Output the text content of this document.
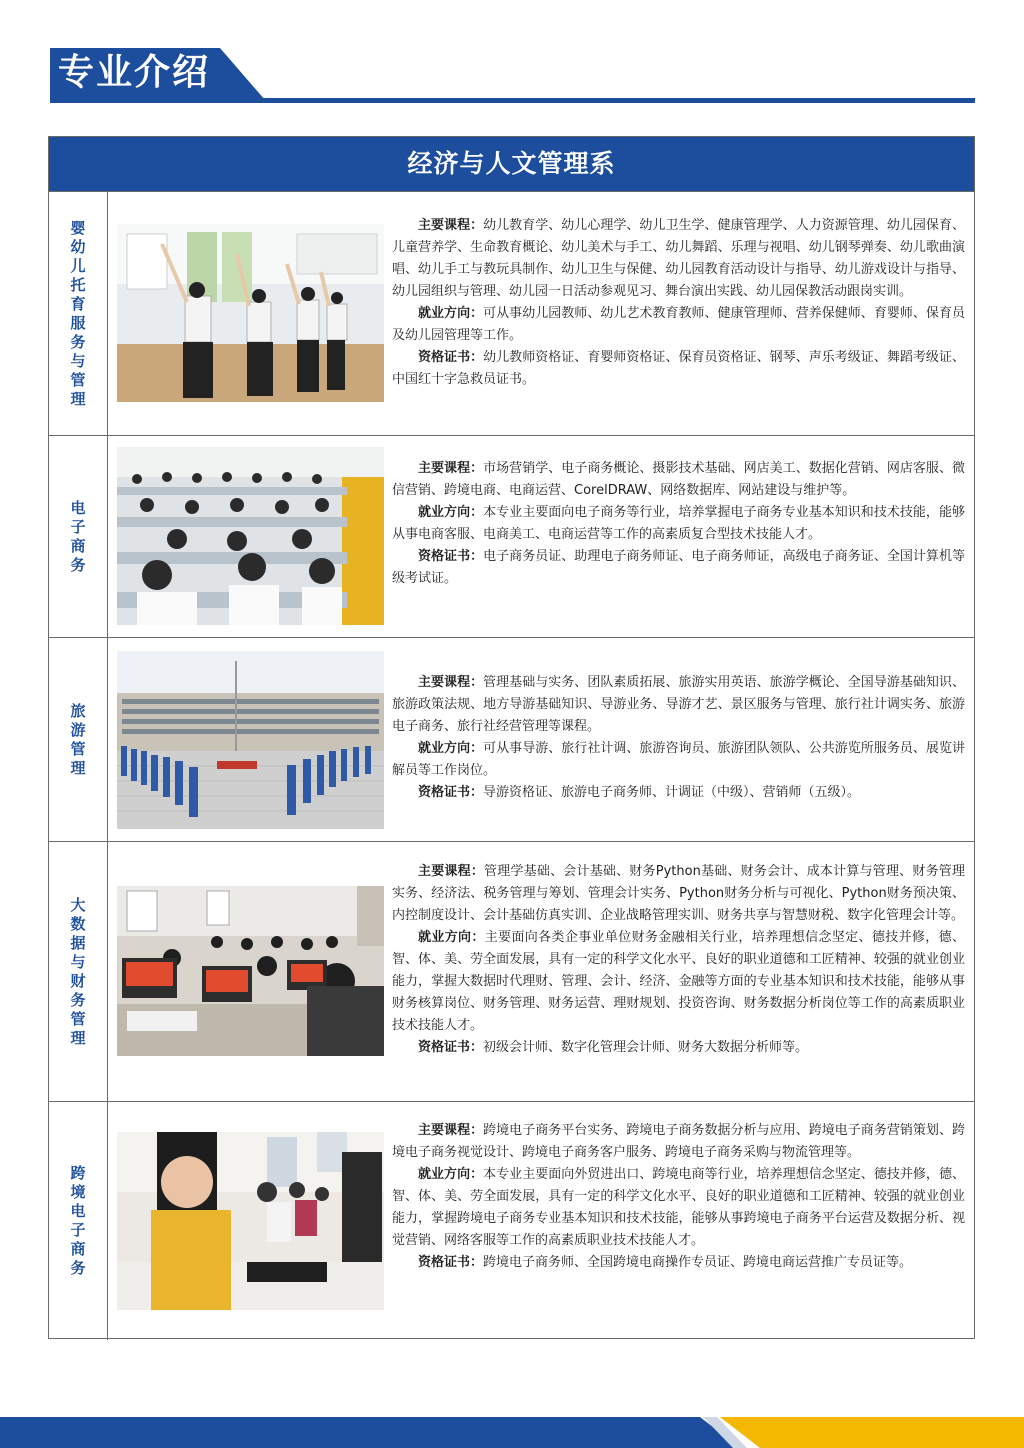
专业介绍
经济与人文管理系
婴幼儿托育服务与管理

主要课程：幼儿教育学、幼儿心理学、幼儿卫生学、健康管理学、人力资源管理、幼儿园保育、儿童营养学、生命教育概论、幼儿美术与手工、幼儿舞蹈、乐理与视唱、幼儿钢琴弹奏、幼儿歌曲演唱、幼儿手工与教玩具制作、幼儿卫生与保健、幼儿园教育活动设计与指导、幼儿游戏设计与指导、幼儿园组织与管理、幼儿园一日活动参观见习、舞台演出实践、幼儿园保教活动跟岗实训。

就业方向：可从事幼儿园教师、幼儿艺术教育教师、健康管理师、营养保健师、育婴师、保育员及幼儿园管理等工作。

资格证书：幼儿教师资格证、育婴师资格证、保育员资格证、钢琴、声乐考级证、舞蹈考级证、中国红十字急救员证书。

电子商务

主要课程：市场营销学、电子商务概论、摄影技术基础、网店美工、数据化营销、网店客服、微信营销、跨境电商、电商运营、CorelDRAW、网络数据库、网站建设与维护等。

就业方向：本专业主要面向电子商务等行业，培养掌握电子商务专业基本知识和技术技能，能够从事电商客服、电商美工、电商运营等工作的高素质复合型技术技能人才。

资格证书：电子商务员证、助理电子商务师证、电子商务师证，高级电子商务证、全国计算机等级考试证。

旅游管理

主要课程：管理基础与实务、团队素质拓展、旅游实用英语、旅游学概论、全国导游基础知识、旅游政策法规、地方导游基础知识、导游业务、导游才艺、景区服务与管理、旅行社计调实务、旅游电子商务、旅行社经营管理等课程。

就业方向：可从事导游、旅行社计调、旅游咨询员、旅游团队领队、公共游览所服务员、展览讲解员等工作岗位。

资格证书：导游资格证、旅游电子商务师、计调证（中级）、营销师（五级）。

大数据与财务管理

主要课程：管理学基础、会计基础、财务Python基础、财务会计、成本计算与管理、财务管理实务、经济法、税务管理与筹划、管理会计实务、Python财务分析与可视化、Python财务预决策、内控制度设计、会计基础仿真实训、企业战略管理实训、财务共享与智慧财税、数字化管理会计等。

就业方向：主要面向各类企事业单位财务金融相关行业，培养理想信念坚定、德技并修，德、智、体、美、劳全面发展，具有一定的科学文化水平、良好的职业道德和工匠精神、较强的就业创业能力，掌握大数据时代理财、管理、会计、经济、金融等方面的专业基本知识和技术技能，能够从事财务核算岗位、财务管理、财务运营、理财规划、投资咨询、财务数据分析岗位等工作的高素质职业技术技能人才。

资格证书：初级会计师、数字化管理会计师、财务大数据分析师等。

跨境电子商务

主要课程：跨境电子商务平台实务、跨境电子商务数据分析与应用、跨境电子商务营销策划、跨境电子商务视觉设计、跨境电子商务客户服务、跨境电子商务采购与物流管理等。

就业方向：本专业主要面向外贸进出口、跨境电商等行业，培养理想信念坚定、德技并修，德、智、体、美、劳全面发展，具有一定的科学文化水平、良好的职业道德和工匠精神、较强的就业创业能力，掌握跨境电子商务专业基本知识和技术技能，能够从事跨境电子商务平台运营及数据分析、视觉营销、网络客服等工作的高素质职业技术技能人才。

资格证书：跨境电子商务师、全国跨境电商操作专员证、跨境电商运营推广专员证等。
